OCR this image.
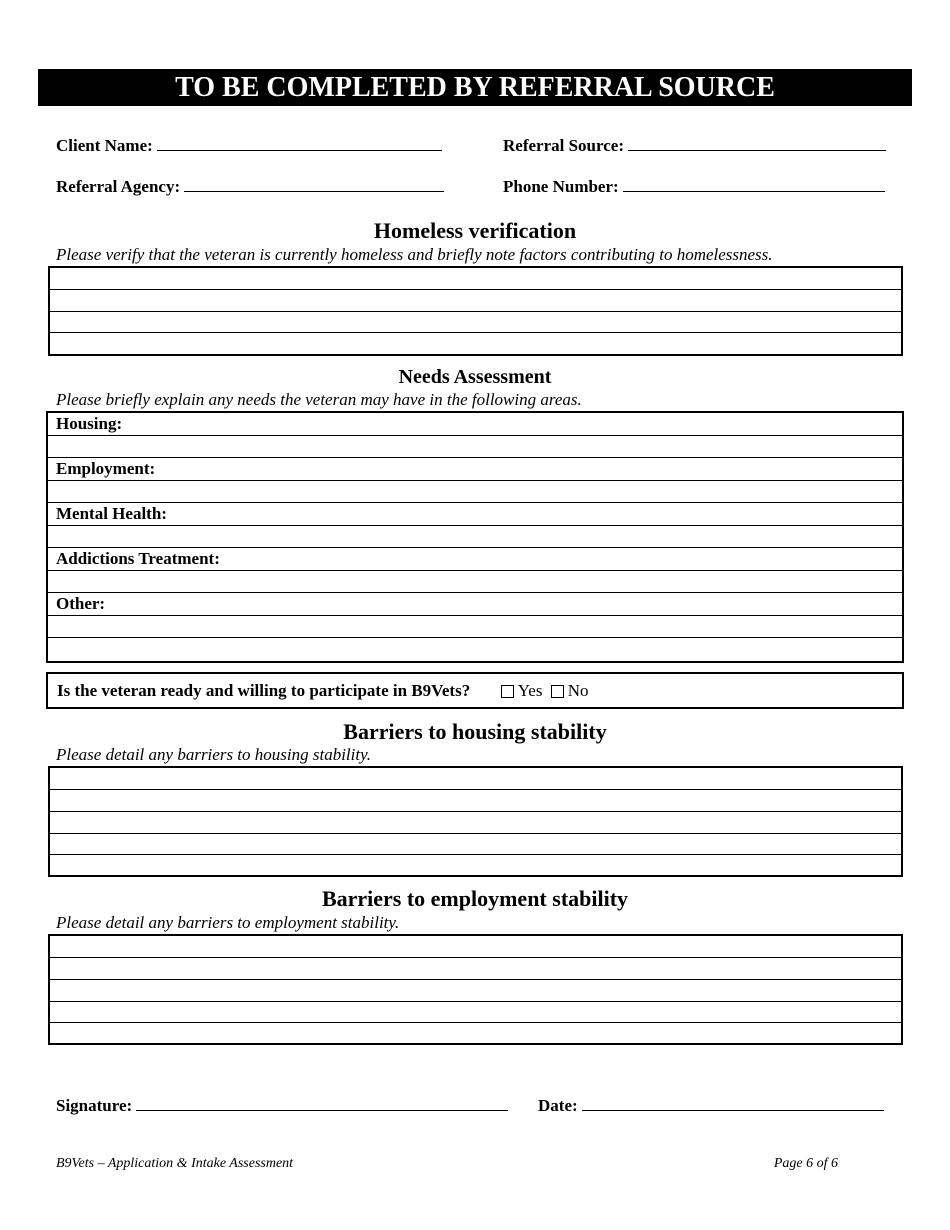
TO BE COMPLETED BY REFERRAL SOURCE
Client Name:	Referral Source:
Referral Agency:	Phone Number:
Homeless verification
Please verify that the veteran is currently homeless and briefly note factors contributing to homelessness.
Needs Assessment
Please briefly explain any needs the veteran may have in the following areas.
Housing:
Employment:
Mental Health:
Addictions Treatment:
Other:
Is the veteran ready and willing to participate in B9Vets?	Yes No
Barriers to housing stability
Please detail any barriers to housing stability.
Barriers to employment stability
Please detail any barriers to employment stability.
Signature:	Date:
B9Vets – Application & Intake Assessment	Page 6 of 6
